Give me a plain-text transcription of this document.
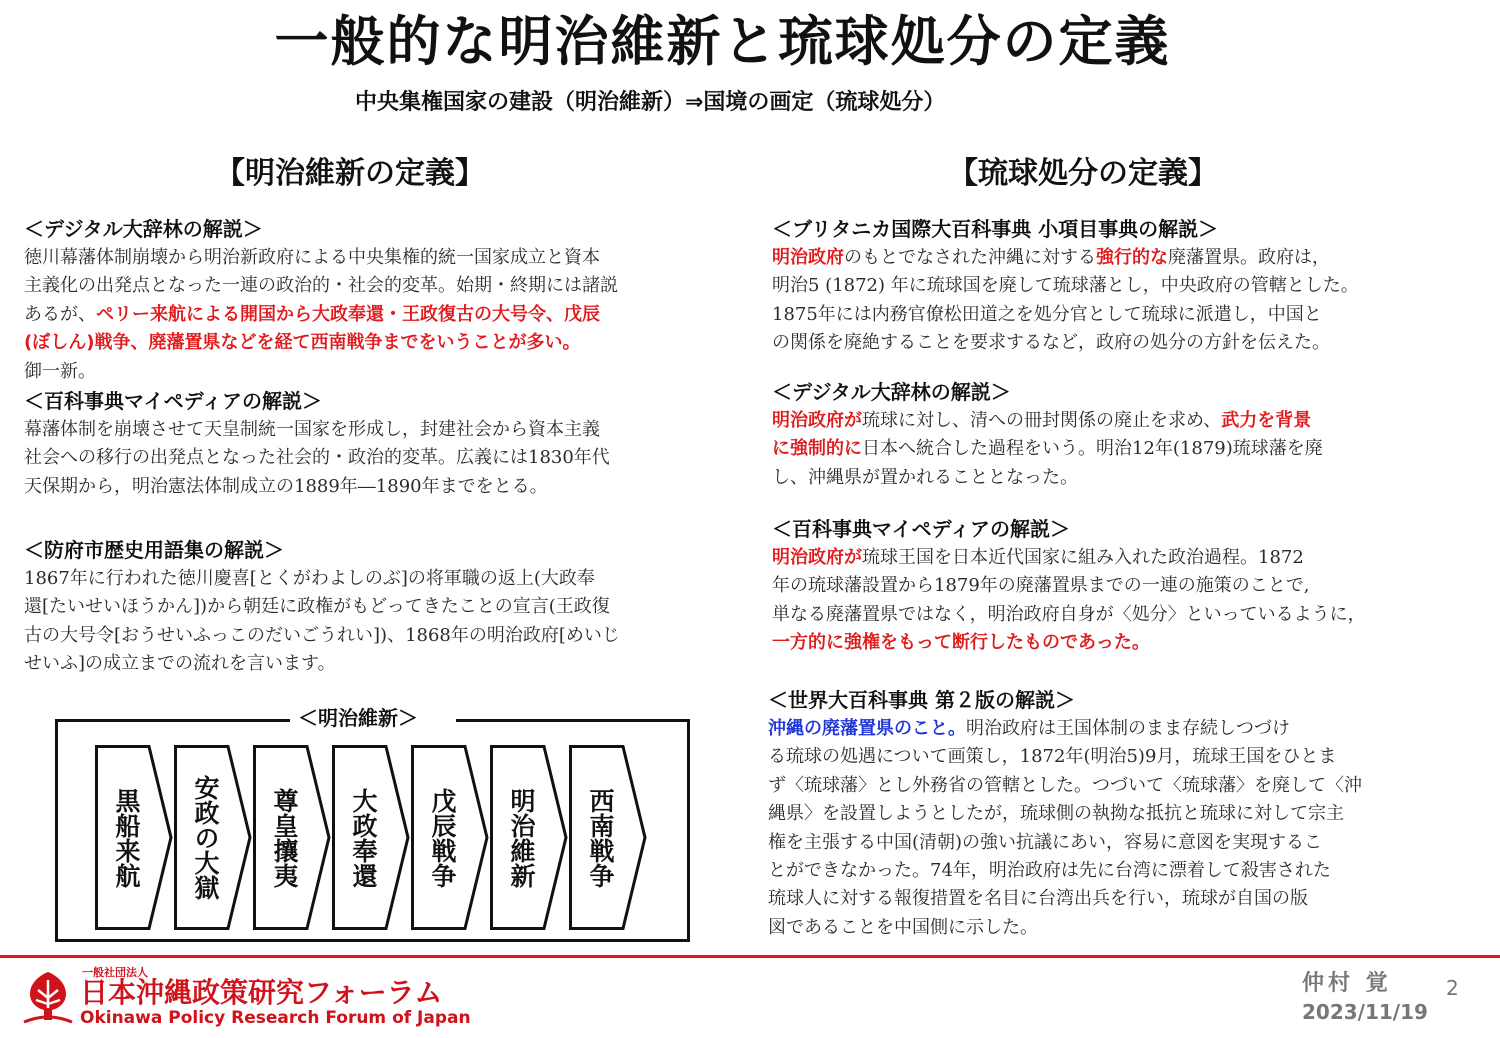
一般的な明治維新と琉球処分の定義
中央集権国家の建設（明治維新）⇒国境の画定（琉球処分）
【明治維新の定義】
＜デジタル大辞林の解説＞
徳川幕藩体制崩壊から明治新政府による中央集権的統一国家成立と資本
主義化の出発点となった一連の政治的・社会的変革。始期・終期には諸説
あるが、ペリー来航による開国から大政奉還・王政復古の大号令、戊辰
(ぼしん)戦争、廃藩置県などを経て西南戦争までをいうことが多い。
御一新。
＜百科事典マイペディアの解説＞
幕藩体制を崩壊させて天皇制統一国家を形成し，封建社会から資本主義
社会への移行の出発点となった社会的・政治的変革。広義には1830年代
天保期から，明治憲法体制成立の1889年―1890年までをとる。
＜防府市歴史用語集の解説＞
1867年に行われた徳川慶喜[とくがわよしのぶ]の将軍職の返上(大政奉
還[たいせいほうかん])から朝廷に政権がもどってきたことの宣言(王政復
古の大号令[おうせいふっこのだいごうれい])、1868年の明治政府[めいじ
せいふ]の成立までの流れを言います。
【琉球処分の定義】
＜ブリタニカ国際大百科事典 小項目事典の解説＞
明治政府のもとでなされた沖縄に対する強行的な廃藩置県。政府は，
明治5 (1872) 年に琉球国を廃して琉球藩とし，中央政府の管轄とした。
1875年には内務官僚松田道之を処分官として琉球に派遣し，中国と
の関係を廃絶することを要求するなど，政府の処分の方針を伝えた。
＜デジタル大辞林の解説＞
明治政府が琉球に対し、清への冊封関係の廃止を求め、武力を背景
に強制的に日本へ統合した過程をいう。明治12年(1879)琉球藩を廃
し、沖縄県が置かれることとなった。
＜百科事典マイペディアの解説＞
明治政府が琉球王国を日本近代国家に組み入れた政治過程。1872
年の琉球藩設置から1879年の廃藩置県までの一連の施策のことで,
単なる廃藩置県ではなく，明治政府自身が〈処分〉といっているように，
一方的に強権をもって断行したものであった。
＜世界大百科事典 第２版の解説＞
沖縄の廃藩置県のこと。明治政府は王国体制のまま存続しつづけ
る琉球の処遇について画策し，1872年(明治5)9月，琉球王国をひとま
ず〈琉球藩〉とし外務省の管轄とした。つづいて〈琉球藩〉を廃して〈沖
縄県〉を設置しようとしたが，琉球側の執拗な抵抗と琉球に対して宗主
権を主張する中国(清朝)の強い抗議にあい，容易に意図を実現するこ
とができなかった。74年，明治政府は先に台湾に漂着して殺害された
琉球人に対する報復措置を名目に台湾出兵を行い，琉球が自国の版
図であることを中国側に示した。
＜明治維新＞
黒船来航	安政の大獄	尊皇攘夷	大政奉還	戊辰戦争	明治維新	西南戦争
一般社団法人
日本沖縄政策研究フォーラム
Okinawa Policy Research Forum of Japan
仲村 覚
2023/11/19
2
